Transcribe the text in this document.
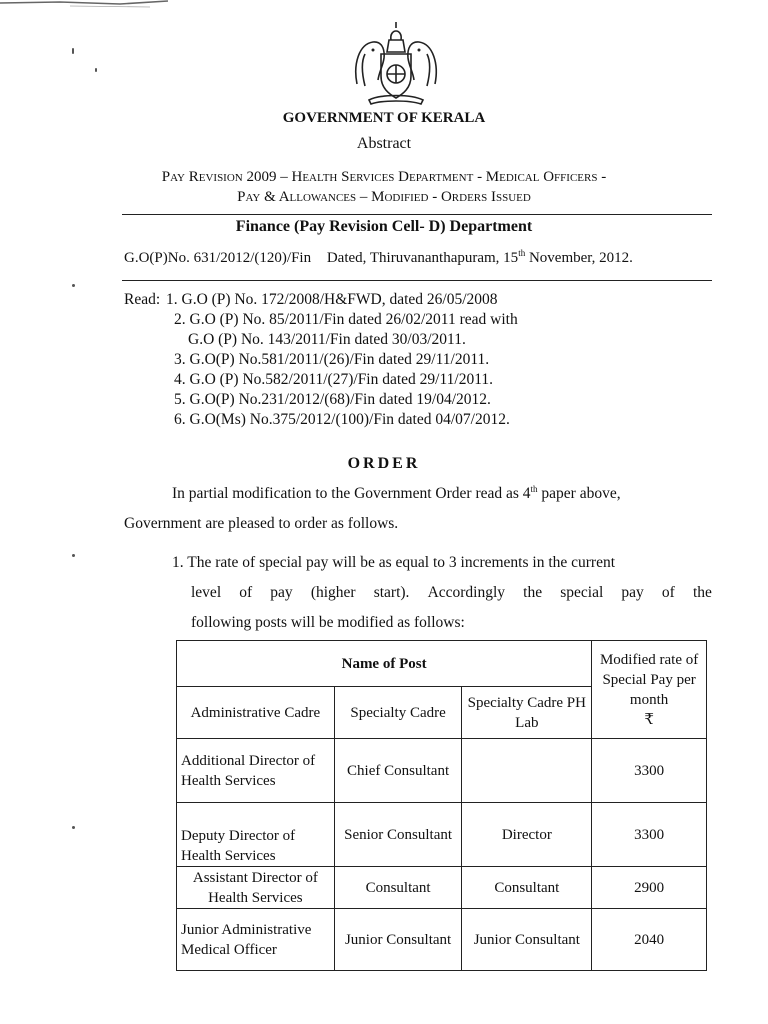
GOVERNMENT OF KERALA
Abstract
Pay Revision 2009 – Health Services Department - Medical Officers -
Pay & Allowances – Modified - Orders Issued
Finance (Pay Revision Cell- D) Department
G.O(P)No. 631/2012/(120)/Fin Dated, Thiruvananthapuram, 15th November, 2012.
Read: 1. G.O (P) No. 172/2008/H&FWD, dated 26/05/2008
2. G.O (P) No. 85/2011/Fin dated 26/02/2011 read with
G.O (P) No. 143/2011/Fin dated 30/03/2011.
3. G.O(P) No.581/2011/(26)/Fin dated 29/11/2011.
4. G.O (P) No.582/2011/(27)/Fin dated 29/11/2011.
5. G.O(P) No.231/2012/(68)/Fin dated 19/04/2012.
6. G.O(Ms) No.375/2012/(100)/Fin dated 04/07/2012.
ORDER
In partial modification to the Government Order read as 4th paper above,
Government are pleased to order as follows.
1. The rate of special pay will be as equal to 3 increments in the current
level of pay (higher start). Accordingly the special pay of the
following posts will be modified as follows:
Name of Post			Modified rate of Special Pay per month
₹

Administrative Cadre	Specialty Cadre	Specialty Cadre PH Lab	
Additional Director of Health Services	Chief Consultant		3300
Deputy Director of Health Services	Senior Consultant	Director	3300
Assistant Director of Health Services	Consultant	Consultant	2900
Junior Administrative Medical Officer	Junior Consultant	Junior Consultant	2040
